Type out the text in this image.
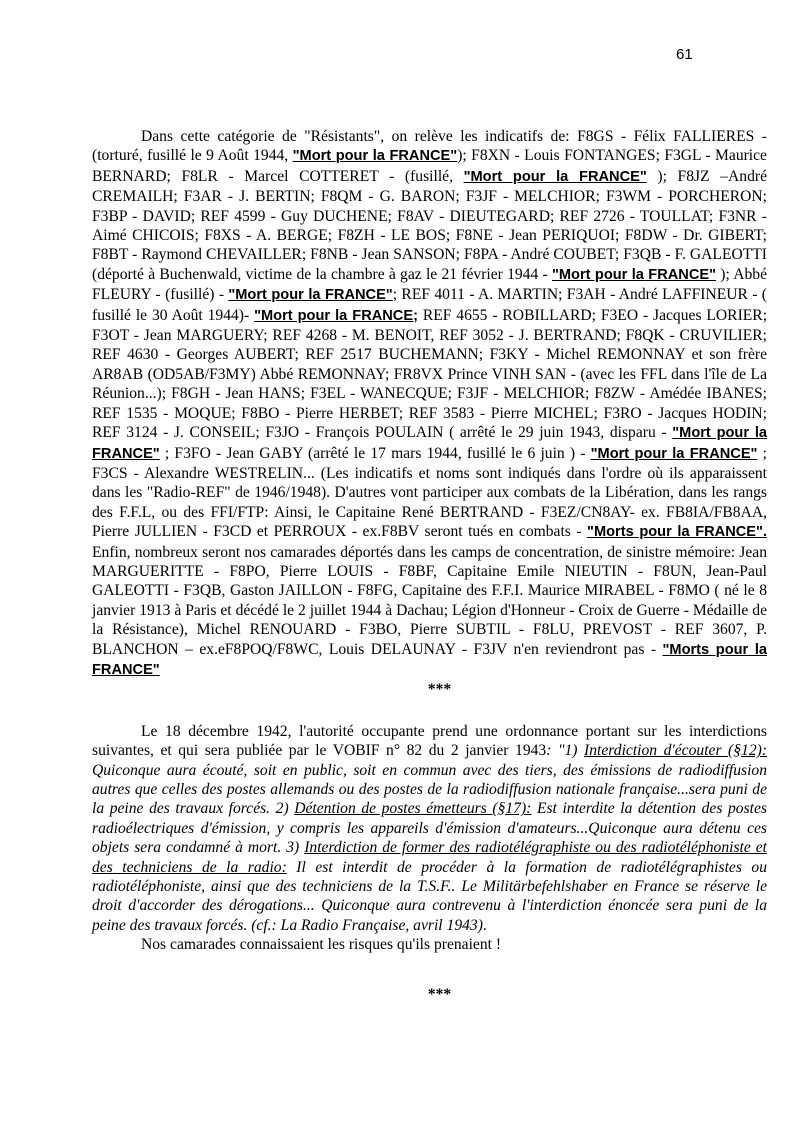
61

Dans cette catégorie de "Résistants", on relève les indicatifs de: F8GS - Félix FALLIERES - (torturé, fusillé le 9 Août 1944, "Mort pour la FRANCE"); F8XN - Louis FONTANGES; F3GL - Maurice BERNARD; F8LR - Marcel COTTERET - (fusillé, "Mort pour la FRANCE" ); F8JZ –André CREMAILH; F3AR - J. BERTIN; F8QM - G. BARON; F3JF - MELCHIOR; F3WM - PORCHERON; F3BP - DAVID; REF 4599 - Guy DUCHENE; F8AV - DIEUTEGARD; REF 2726 - TOULLAT; F3NR - Aimé CHICOIS; F8XS - A. BERGE; F8ZH - LE BOS; F8NE - Jean PERIQUOI; F8DW - Dr. GIBERT; F8BT - Raymond CHEVAILLER; F8NB - Jean SANSON; F8PA - André COUBET; F3QB - F. GALEOTTI (déporté à Buchenwald, victime de la chambre à gaz le 21 février 1944 - "Mort pour la FRANCE" ); Abbé FLEURY - (fusillé) - "Mort pour la FRANCE"; REF 4011 - A. MARTIN; F3AH - André LAFFINEUR - ( fusillé le 30 Août 1944)- "Mort pour la FRANCE; REF 4655 - ROBILLARD; F3EO - Jacques LORIER; F3OT - Jean MARGUERY; REF 4268 - M. BENOIT, REF 3052 - J. BERTRAND; F8QK - CRUVILIER; REF 4630 - Georges AUBERT; REF 2517 BUCHEMANN; F3KY - Michel REMONNAY et son frère AR8AB (OD5AB/F3MY) Abbé REMONNAY; FR8VX Prince VINH SAN - (avec les FFL dans l'île de La Réunion...); F8GH - Jean HANS; F3EL - WANECQUE; F3JF - MELCHIOR; F8ZW - Amédée IBANES; REF 1535 - MOQUE; F8BO - Pierre HERBET; REF 3583 - Pierre MICHEL; F3RO - Jacques HODIN; REF 3124 - J. CONSEIL; F3JO - François POULAIN ( arrêté le 29 juin 1943, disparu - "Mort pour la FRANCE" ; F3FO - Jean GABY (arrêté le 17 mars 1944, fusillé le 6 juin ) - "Mort pour la FRANCE" ; F3CS - Alexandre WESTRELIN... (Les indicatifs et noms sont indiqués dans l'ordre où ils apparaissent dans les "Radio-REF" de 1946/1948). D'autres vont participer aux combats de la Libération, dans les rangs des F.F.L, ou des FFI/FTP: Ainsi, le Capitaine René BERTRAND - F3EZ/CN8AY- ex. FB8IA/FB8AA, Pierre JULLIEN - F3CD et PERROUX - ex.F8BV seront tués en combats - "Morts pour la FRANCE". Enfin, nombreux seront nos camarades déportés dans les camps de concentration, de sinistre mémoire: Jean MARGUERITTE - F8PO, Pierre LOUIS - F8BF, Capitaine Emile NIEUTIN - F8UN, Jean-Paul GALEOTTI - F3QB, Gaston JAILLON - F8FG, Capitaine des F.F.I. Maurice MIRABEL - F8MO ( né le 8 janvier 1913 à Paris et décédé le 2 juillet 1944 à Dachau; Légion d'Honneur - Croix de Guerre - Médaille de la Résistance), Michel RENOUARD - F3BO, Pierre SUBTIL - F8LU, PREVOST - REF 3607, P. BLANCHON – ex.eF8POQ/F8WC, Louis DELAUNAY - F3JV n'en reviendront pas - "Morts pour la FRANCE"

***

Le 18 décembre 1942, l'autorité occupante prend une ordonnance portant sur les interdictions suivantes, et qui sera publiée par le VOBIF n° 82 du 2 janvier 1943: "1) Interdiction d'écouter (§12): Quiconque aura écouté, soit en public, soit en commun avec des tiers, des émissions de radiodiffusion autres que celles des postes allemands ou des postes de la radiodiffusion nationale française...sera puni de la peine des travaux forcés. 2) Détention de postes émetteurs (§17): Est interdite la détention des postes radioélectriques d'émission, y compris les appareils d'émission d'amateurs...Quiconque aura détenu ces objets sera condamné à mort. 3) Interdiction de former des radiotélégraphiste ou des radiotéléphoniste et des techniciens de la radio: Il est interdit de procéder à la formation de radiotélégraphistes ou radiotéléphoniste, ainsi que des techniciens de la T.S.F.. Le Militärbefehlshaber en France se réserve le droit d'accorder des dérogations... Quiconque aura contrevenu à l'interdiction énoncée sera puni de la peine des travaux forcés. (cf.: La Radio Française, avril 1943).

Nos camarades connaissaient les risques qu'ils prenaient !

***
